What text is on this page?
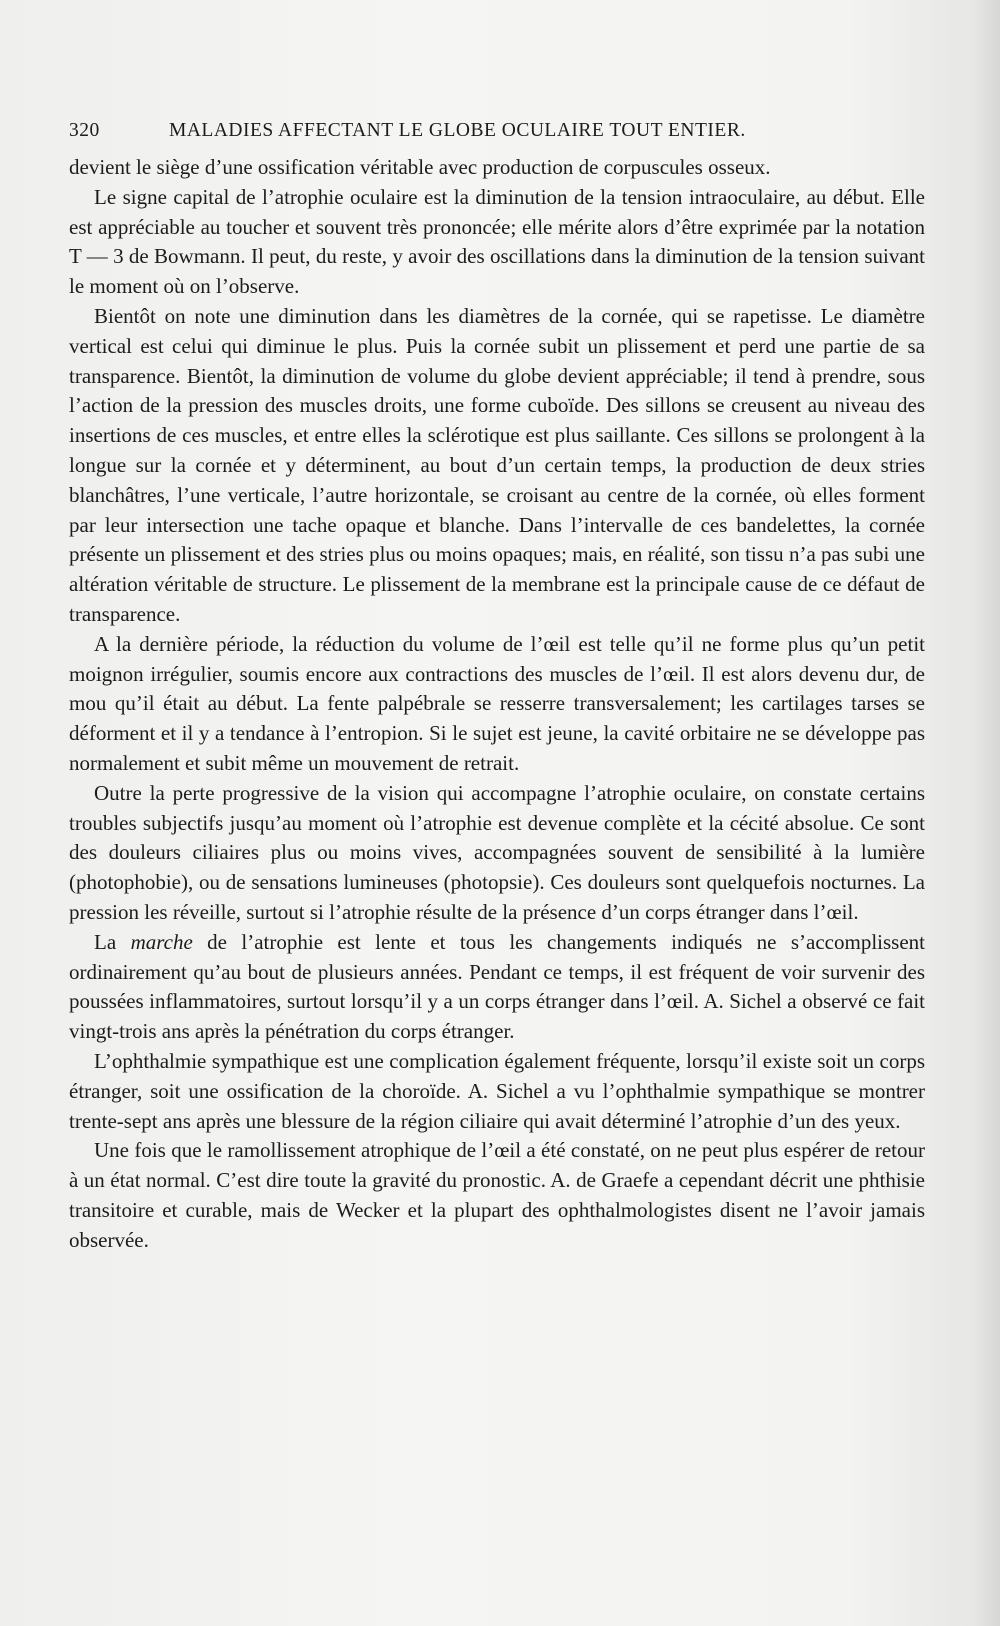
320	MALADIES AFFECTANT LE GLOBE OCULAIRE TOUT ENTIER.

devient le siège d’une ossification véritable avec production de corpuscules osseux.

Le signe capital de l’atrophie oculaire est la diminution de la tension intraoculaire, au début. Elle est appréciable au toucher et souvent très prononcée; elle mérite alors d’être exprimée par la notation T — 3 de Bowmann. Il peut, du reste, y avoir des oscillations dans la diminution de la tension suivant le moment où on l’observe.

Bientôt on note une diminution dans les diamètres de la cornée, qui se rapetisse. Le diamètre vertical est celui qui diminue le plus. Puis la cornée subit un plissement et perd une partie de sa transparence. Bientôt, la diminution de volume du globe devient appréciable; il tend à prendre, sous l’action de la pression des muscles droits, une forme cuboïde. Des sillons se creusent au niveau des insertions de ces muscles, et entre elles la sclérotique est plus saillante. Ces sillons se prolongent à la longue sur la cornée et y déterminent, au bout d’un certain temps, la production de deux stries blanchâtres, l’une verticale, l’autre horizontale, se croisant au centre de la cornée, où elles forment par leur intersection une tache opaque et blanche. Dans l’intervalle de ces bandelettes, la cornée présente un plissement et des stries plus ou moins opaques; mais, en réalité, son tissu n’a pas subi une altération véritable de structure. Le plissement de la membrane est la principale cause de ce défaut de transparence.

A la dernière période, la réduction du volume de l’œil est telle qu’il ne forme plus qu’un petit moignon irrégulier, soumis encore aux contractions des muscles de l’œil. Il est alors devenu dur, de mou qu’il était au début. La fente palpébrale se resserre transversalement; les cartilages tarses se déforment et il y a tendance à l’entropion. Si le sujet est jeune, la cavité orbitaire ne se développe pas normalement et subit même un mouvement de retrait.

Outre la perte progressive de la vision qui accompagne l’atrophie oculaire, on constate certains troubles subjectifs jusqu’au moment où l’atrophie est devenue complète et la cécité absolue. Ce sont des douleurs ciliaires plus ou moins vives, accompagnées souvent de sensibilité à la lumière (photophobie), ou de sensations lumineuses (photopsie). Ces douleurs sont quelquefois nocturnes. La pression les réveille, surtout si l’atrophie résulte de la présence d’un corps étranger dans l’œil.

La marche de l’atrophie est lente et tous les changements indiqués ne s’accomplissent ordinairement qu’au bout de plusieurs années. Pendant ce temps, il est fréquent de voir survenir des poussées inflammatoires, surtout lorsqu’il y a un corps étranger dans l’œil. A. Sichel a observé ce fait vingt-trois ans après la pénétration du corps étranger.

L’ophthalmie sympathique est une complication également fréquente, lorsqu’il existe soit un corps étranger, soit une ossification de la choroïde. A. Sichel a vu l’ophthalmie sympathique se montrer trente-sept ans après une blessure de la région ciliaire qui avait déterminé l’atrophie d’un des yeux.

Une fois que le ramollissement atrophique de l’œil a été constaté, on ne peut plus espérer de retour à un état normal. C’est dire toute la gravité du pronostic. A. de Graefe a cependant décrit une phthisie transitoire et curable, mais de Wecker et la plupart des ophthalmologistes disent ne l’avoir jamais observée.
